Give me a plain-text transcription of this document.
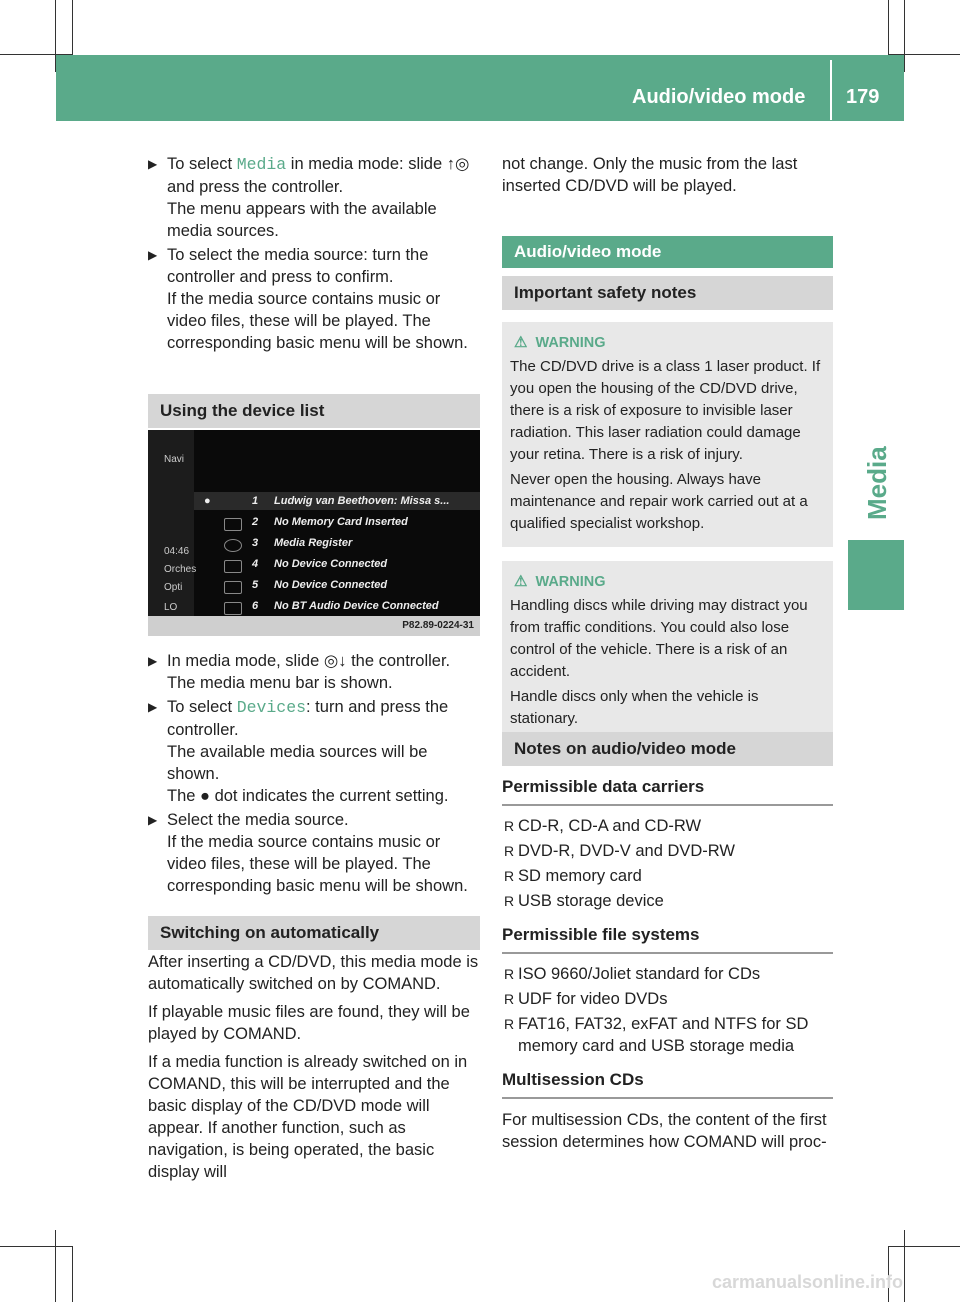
Audio/video mode 179
Media
▶ To select Media in media mode: slide ↑◎
and press the controller.

The menu appears with the available media sources.

▶ To select the media source: turn the controller and press to confirm.

If the media source contains music or video files, these will be played. The corresponding basic menu will be shown.

Using the device list
Navi
04:46
Orches
Opti
LO
●	1 Ludwig van Beethoven: Missa s...
2 No Memory Card Inserted
3 Media Register
4 No Device Connected
5 No Device Connected
6 No BT Audio Device Connected
P82.89-0224-31
▶ In media mode, slide ◎↓ the controller.

The media menu bar is shown.

▶ To select Devices: turn and press the controller.

The available media sources will be shown.

The ● dot indicates the current setting.

▶ Select the media source.

If the media source contains music or video files, these will be played. The corresponding basic menu will be shown.

Switching on automatically

After inserting a CD/DVD, this media mode is automatically switched on by COMAND.

If playable music files are found, they will be played by COMAND.

If a media function is already switched on in COMAND, this will be interrupted and the basic display of the CD/DVD mode will appear. If another function, such as navigation, is being operated, the basic display will

not change. Only the music from the last inserted CD/DVD will be played.

Audio/video mode
Important safety notes
⚠ WARNING

The CD/DVD drive is a class 1 laser product. If you open the housing of the CD/DVD drive, there is a risk of exposure to invisible laser radiation. This laser radiation could damage your retina. There is a risk of injury.

Never open the housing. Always have maintenance and repair work carried out at a qualified specialist workshop.

⚠ WARNING

Handling discs while driving may distract you from traffic conditions. You could also lose control of the vehicle. There is a risk of an accident.

Handle discs only when the vehicle is stationary.

Notes on audio/video mode
Permissible data carriers
R CD-R, CD-A and CD-RW
R DVD-R, DVD-V and DVD-RW
R SD memory card
R USB storage device
Permissible file systems
R ISO 9660/Joliet standard for CDs
R UDF for video DVDs
R FAT16, FAT32, exFAT and NTFS for SD memory card and USB storage media
Multisession CDs

For multisession CDs, the content of the first session determines how COMAND will proc-

carmanualsonline.info
